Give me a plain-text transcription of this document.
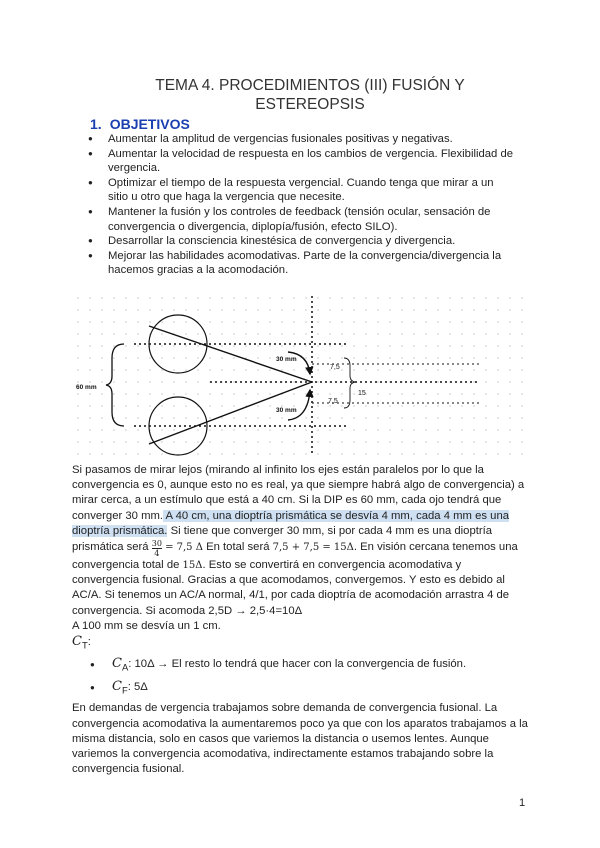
TEMA 4. PROCEDIMIENTOS (III) FUSIÓN Y ESTEREOPSIS
1. OBJETIVOS
● Aumentar la amplitud de vergencias fusionales positivas y negativas.
● Aumentar la velocidad de respuesta en los cambios de vergencia. Flexibilidad de vergencia.
● Optimizar el tiempo de la respuesta vergencial. Cuando tenga que mirar a un sitio u otro que haga la vergencia que necesite.
● Mantener la fusión y los controles de feedback (tensión ocular, sensación de convergencia o divergencia, diplopía/fusión, efecto SILO).
● Desarrollar la consciencia kinestésica de convergencia y divergencia.
● Mejorar las habilidades acomodativas. Parte de la convergencia/divergencia la hacemos gracias a la acomodación.
60 mm
30 mm
30 mm
7,5
7,5
15

Si pasamos de mirar lejos (mirando al infinito los ejes están paralelos por lo que la convergencia es 0, aunque esto no es real, ya que siempre habrá algo de convergencia) a mirar cerca, a un estímulo que está a 40 cm. Si la DIP es 60 mm, cada ojo tendrá que converger 30 mm. A 40 cm, una dioptría prismática se desvía 4 mm, cada 4 mm es una dioptría prismática. Si tiene que converger 30 mm, si por cada 4 mm es una dioptría prismática será $\frac{30}{4} = 7,5$ Δ En total será 7,5 + 7,5 = 15Δ. En visión cercana tenemos una convergencia total de 15Δ. Esto se convertirá en convergencia acomodativa y convergencia fusional. Gracias a que acomodamos, convergemos. Y esto es debido al AC/A. Si tenemos un AC/A normal, 4/1, por cada dioptría de acomodación arrastra 4 de convergencia. Si acomoda 2,5D → 2,5·4=10Δ

A 100 mm se desvía un 1 cm.

$C_T$:

● $C_A$: 10Δ → El resto lo tendrá que hacer con la convergencia de fusión.
● $C_F$: 5Δ

En demandas de vergencia trabajamos sobre demanda de convergencia fusional. La convergencia acomodativa la aumentaremos poco ya que con los aparatos trabajamos a la misma distancia, solo en casos que variemos la distancia o usemos lentes. Aunque variemos la convergencia acomodativa, indirectamente estamos trabajando sobre la convergencia fusional.

1
